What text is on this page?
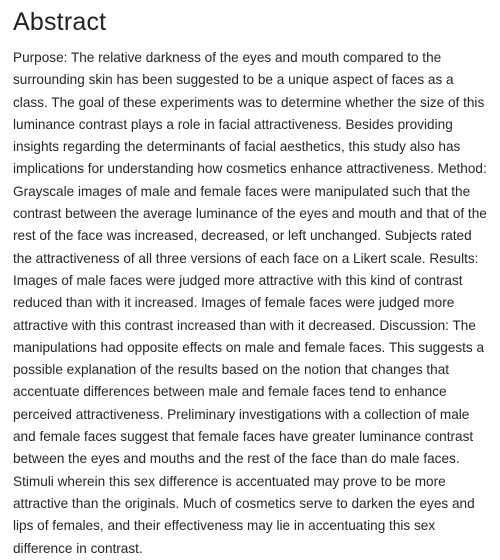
Abstract

Purpose: The relative darkness of the eyes and mouth compared to the surrounding skin has been suggested to be a unique aspect of faces as a class. The goal of these experiments was to determine whether the size of this luminance contrast plays a role in facial attractiveness. Besides providing insights regarding the determinants of facial aesthetics, this study also has implications for understanding how cosmetics enhance attractiveness. Method: Grayscale images of male and female faces were manipulated such that the contrast between the average luminance of the eyes and mouth and that of the rest of the face was increased, decreased, or left unchanged. Subjects rated the attractiveness of all three versions of each face on a Likert scale. Results: Images of male faces were judged more attractive with this kind of contrast reduced than with it increased. Images of female faces were judged more attractive with this contrast increased than with it decreased. Discussion: The manipulations had opposite effects on male and female faces. This suggests a possible explanation of the results based on the notion that changes that accentuate differences between male and female faces tend to enhance perceived attractiveness. Preliminary investigations with a collection of male and female faces suggest that female faces have greater luminance contrast between the eyes and mouths and the rest of the face than do male faces. Stimuli wherein this sex difference is accentuated may prove to be more attractive than the originals. Much of cosmetics serve to darken the eyes and lips of females, and their effectiveness may lie in accentuating this sex difference in contrast.
